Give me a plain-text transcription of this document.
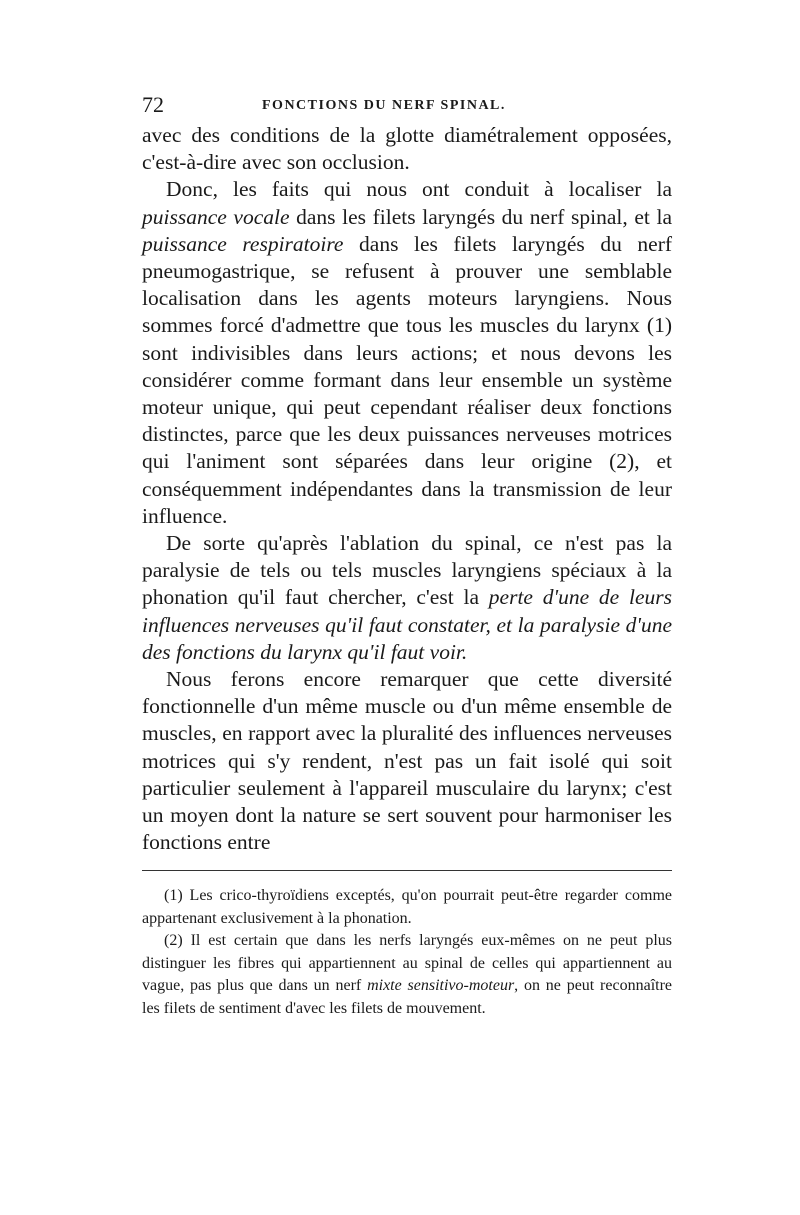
72	FONCTIONS DU NERF SPINAL.

avec des conditions de la glotte diamétralement opposées, c'est-à-dire avec son occlusion.

Donc, les faits qui nous ont conduit à localiser la puissance vocale dans les filets laryngés du nerf spinal, et la puissance respiratoire dans les filets laryngés du nerf pneumogastrique, se refusent à prouver une semblable localisation dans les agents moteurs laryngiens. Nous sommes forcé d'admettre que tous les muscles du larynx (1) sont indivisibles dans leurs actions; et nous devons les considérer comme formant dans leur ensemble un système moteur unique, qui peut cependant réaliser deux fonctions distinctes, parce que les deux puissances nerveuses motrices qui l'animent sont séparées dans leur origine (2), et conséquemment indépendantes dans la transmission de leur influence.

De sorte qu'après l'ablation du spinal, ce n'est pas la paralysie de tels ou tels muscles laryngiens spéciaux à la phonation qu'il faut chercher, c'est la perte d'une de leurs influences nerveuses qu'il faut constater, et la paralysie d'une des fonctions du larynx qu'il faut voir.

Nous ferons encore remarquer que cette diversité fonctionnelle d'un même muscle ou d'un même ensemble de muscles, en rapport avec la pluralité des influences nerveuses motrices qui s'y rendent, n'est pas un fait isolé qui soit particulier seulement à l'appareil musculaire du larynx; c'est un moyen dont la nature se sert souvent pour harmoniser les fonctions entre

(1) Les crico-thyroïdiens exceptés, qu'on pourrait peut-être regarder comme appartenant exclusivement à la phonation.

(2) Il est certain que dans les nerfs laryngés eux-mêmes on ne peut plus distinguer les fibres qui appartiennent au spinal de celles qui appartiennent au vague, pas plus que dans un nerf mixte sensitivo-moteur, on ne peut reconnaître les filets de sentiment d'avec les filets de mouvement.
